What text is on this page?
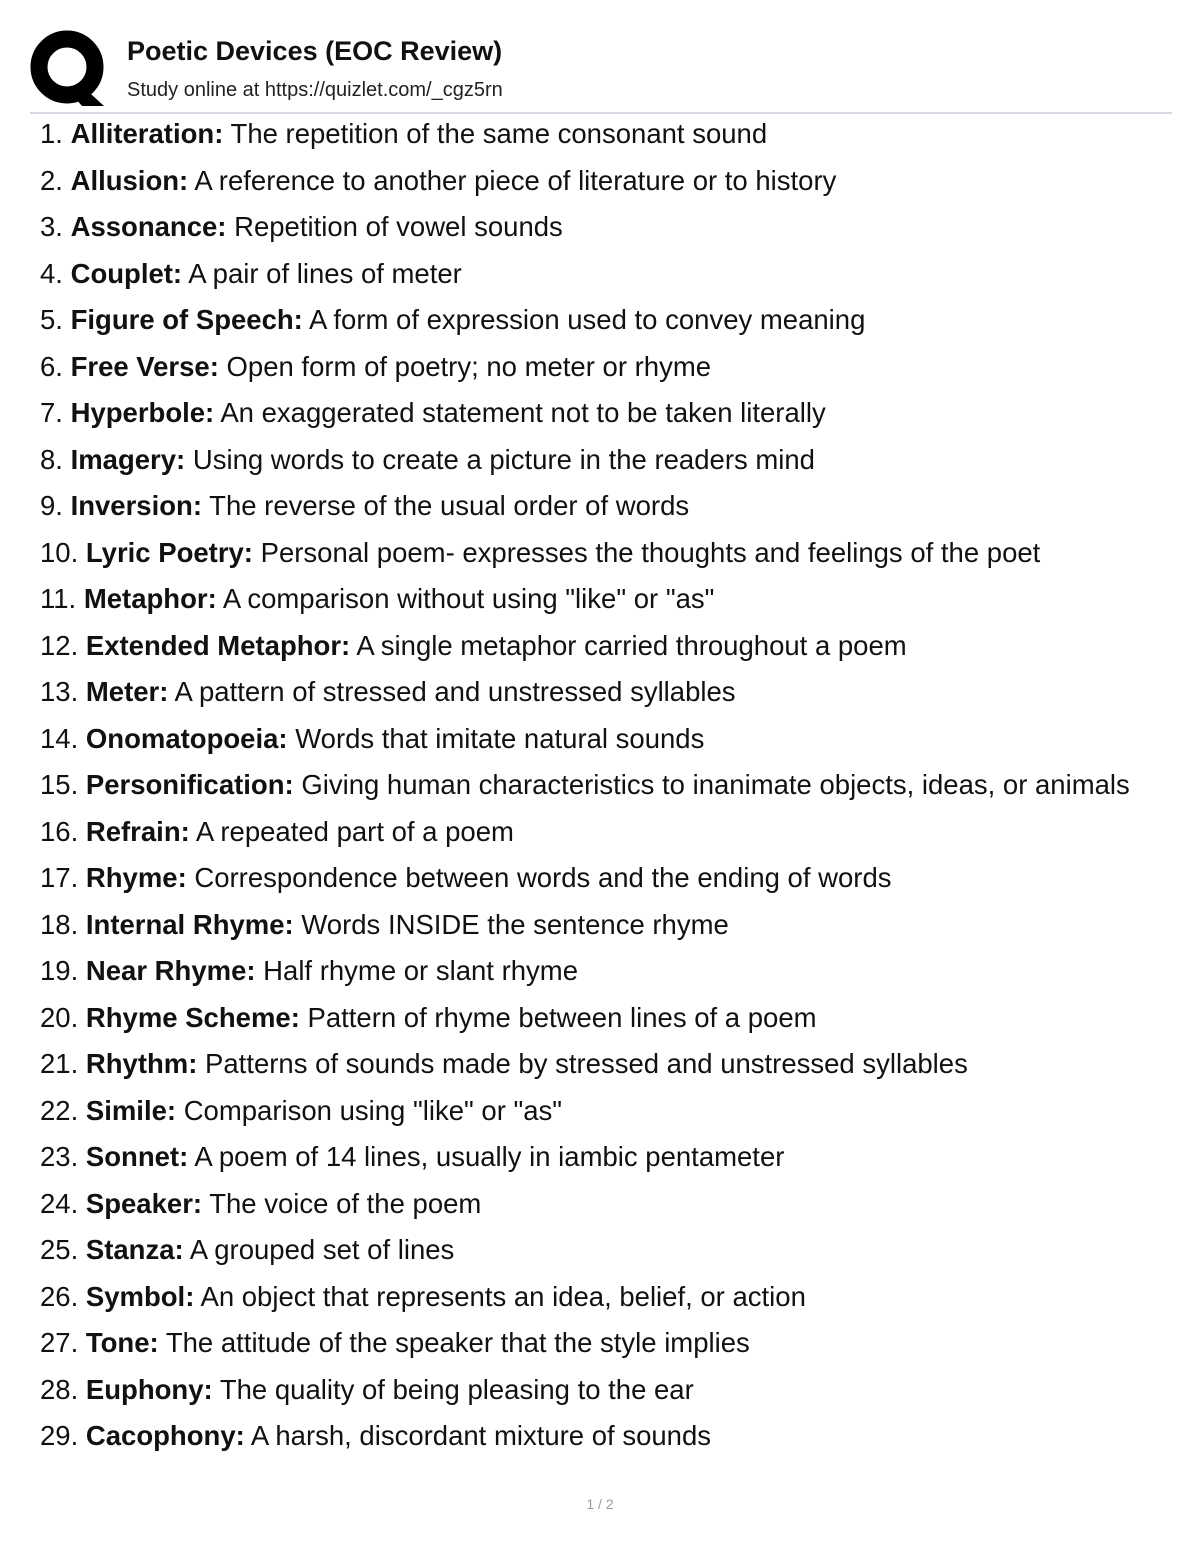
Poetic Devices (EOC Review)
Study online at https://quizlet.com/_cgz5rn
1. Alliteration: The repetition of the same consonant sound
2. Allusion: A reference to another piece of literature or to history
3. Assonance: Repetition of vowel sounds
4. Couplet: A pair of lines of meter
5. Figure of Speech: A form of expression used to convey meaning
6. Free Verse: Open form of poetry; no meter or rhyme
7. Hyperbole: An exaggerated statement not to be taken literally
8. Imagery: Using words to create a picture in the readers mind
9. Inversion: The reverse of the usual order of words
10. Lyric Poetry: Personal poem- expresses the thoughts and feelings of the poet
11. Metaphor: A comparison without using "like" or "as"
12. Extended Metaphor: A single metaphor carried throughout a poem
13. Meter: A pattern of stressed and unstressed syllables
14. Onomatopoeia: Words that imitate natural sounds
15. Personification: Giving human characteristics to inanimate objects, ideas, or animals
16. Refrain: A repeated part of a poem
17. Rhyme: Correspondence between words and the ending of words
18. Internal Rhyme: Words INSIDE the sentence rhyme
19. Near Rhyme: Half rhyme or slant rhyme
20. Rhyme Scheme: Pattern of rhyme between lines of a poem
21. Rhythm: Patterns of sounds made by stressed and unstressed syllables
22. Simile: Comparison using "like" or "as"
23. Sonnet: A poem of 14 lines, usually in iambic pentameter
24. Speaker: The voice of the poem
25. Stanza: A grouped set of lines
26. Symbol: An object that represents an idea, belief, or action
27. Tone: The attitude of the speaker that the style implies
28. Euphony: The quality of being pleasing to the ear
29. Cacophony: A harsh, discordant mixture of sounds
1 / 2
